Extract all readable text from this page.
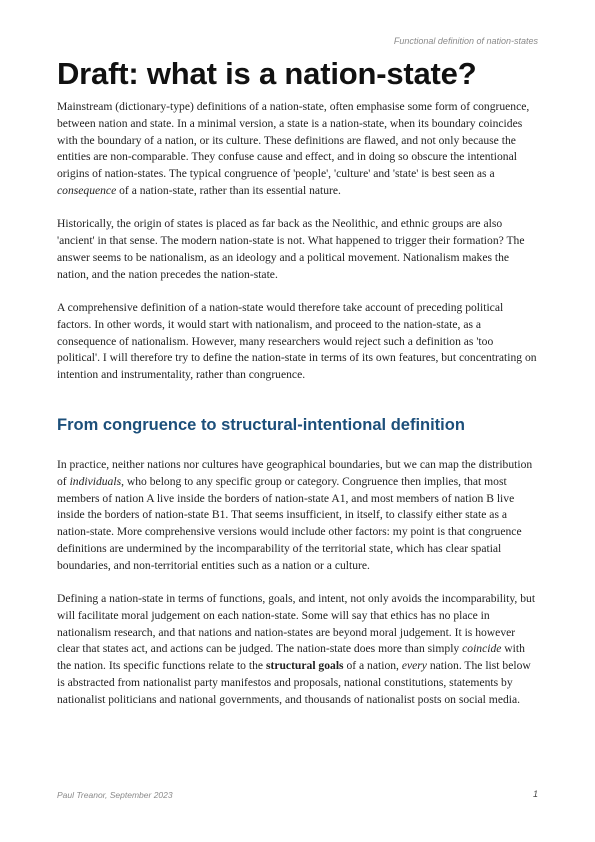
Functional definition of nation-states
Draft: what is a nation-state?

Mainstream (dictionary-type) definitions of a nation-state, often emphasise some form of congruence, between nation and state. In a minimal version, a state is a nation-state, when its boundary coincides with the boundary of a nation, or its culture. These definitions are flawed, and not only because the entities are non-comparable. They confuse cause and effect, and in doing so obscure the intentional origins of nation-states. The typical congruence of 'people', 'culture' and 'state' is best seen as a consequence of a nation-state, rather than its essential nature.

Historically, the origin of states is placed as far back as the Neolithic, and ethnic groups are also 'ancient' in that sense. The modern nation-state is not. What happened to trigger their formation? The answer seems to be nationalism, as an ideology and a political movement. Nationalism makes the nation, and the nation precedes the nation-state.

A comprehensive definition of a nation-state would therefore take account of preceding political factors. In other words, it would start with nationalism, and proceed to the nation-state, as a consequence of nationalism. However, many researchers would reject such a definition as 'too political'. I will therefore try to define the nation-state in terms of its own features, but concentrating on intention and instrumentality, rather than congruence.

From congruence to structural-intentional definition

In practice, neither nations nor cultures have geographical boundaries, but we can map the distribution of individuals, who belong to any specific group or category. Congruence then implies, that most members of nation A live inside the borders of nation-state A1, and most members of nation B live inside the borders of nation-state B1. That seems insufficient, in itself, to classify either state as a nation-state. More comprehensive versions would include other factors: my point is that congruence definitions are undermined by the incomparability of the territorial state, which has clear spatial boundaries, and non-territorial entities such as a nation or a culture.

Defining a nation-state in terms of functions, goals, and intent, not only avoids the incomparability, but will facilitate moral judgement on each nation-state. Some will say that ethics has no place in nationalism research, and that nations and nation-states are beyond moral judgement. It is however clear that states act, and actions can be judged. The nation-state does more than simply coincide with the nation. Its specific functions relate to the structural goals of a nation, every nation. The list below is abstracted from nationalist party manifestos and proposals, national constitutions, statements by nationalist politicians and national governments, and thousands of nationalist posts on social media.

Paul Treanor, September 2023	1
